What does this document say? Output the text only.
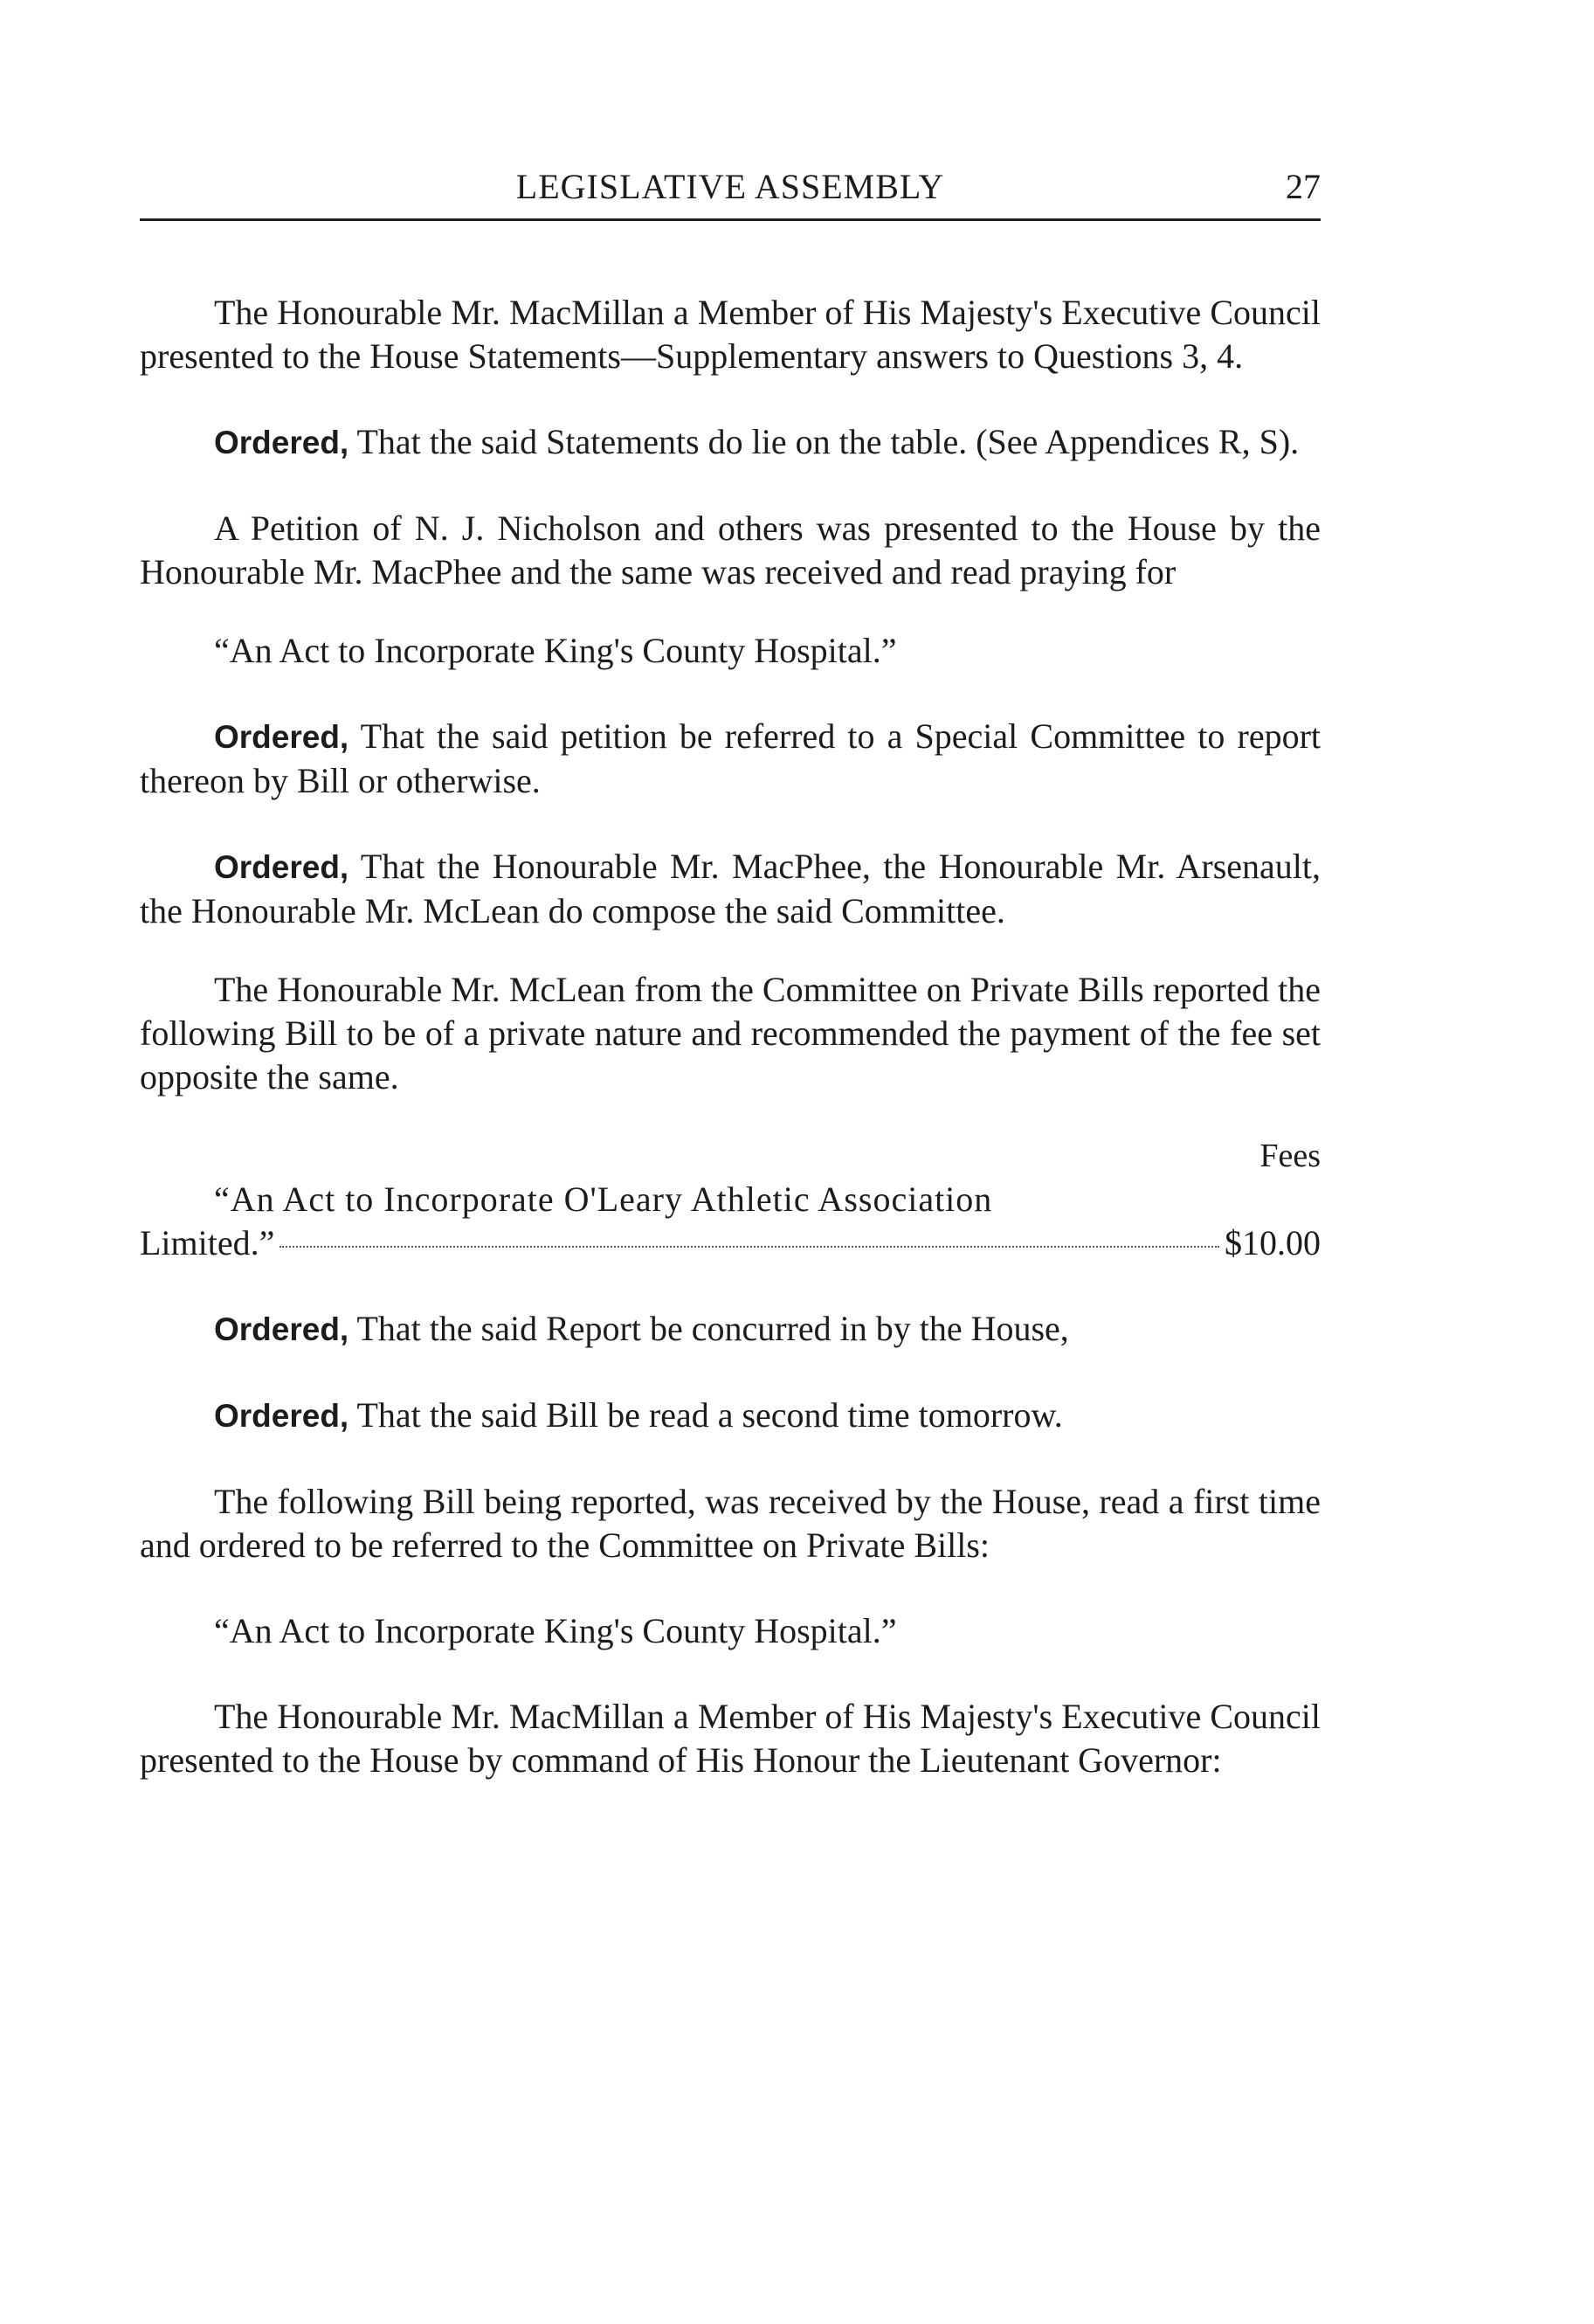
LEGISLATIVE ASSEMBLY	27

The Honourable Mr. MacMillan a Member of His Majesty's Executive Council presented to the House Statements—Supplementary answers to Questions 3, 4.

Ordered, That the said Statements do lie on the table. (See Appendices R, S).

A Petition of N. J. Nicholson and others was presented to the House by the Honourable Mr. MacPhee and the same was received and read praying for

“An Act to Incorporate King's County Hospital.”

Ordered, That the said petition be referred to a Special Committee to report thereon by Bill or otherwise.

Ordered, That the Honourable Mr. MacPhee, the Honourable Mr. Arsenault, the Honourable Mr. McLean do compose the said Committee.

The Honourable Mr. McLean from the Committee on Private Bills reported the following Bill to be of a private nature and recommended the payment of the fee set opposite the same.

Fees

“An Act to Incorporate O'Leary Athletic Association

Limited.”	$10.00

Ordered, That the said Report be concurred in by the House,

Ordered, That the said Bill be read a second time tomorrow.

The following Bill being reported, was received by the House, read a first time and ordered to be referred to the Committee on Private Bills:

“An Act to Incorporate King's County Hospital.”

The Honourable Mr. MacMillan a Member of His Majesty's Executive Council presented to the House by command of His Honour the Lieutenant Governor:
